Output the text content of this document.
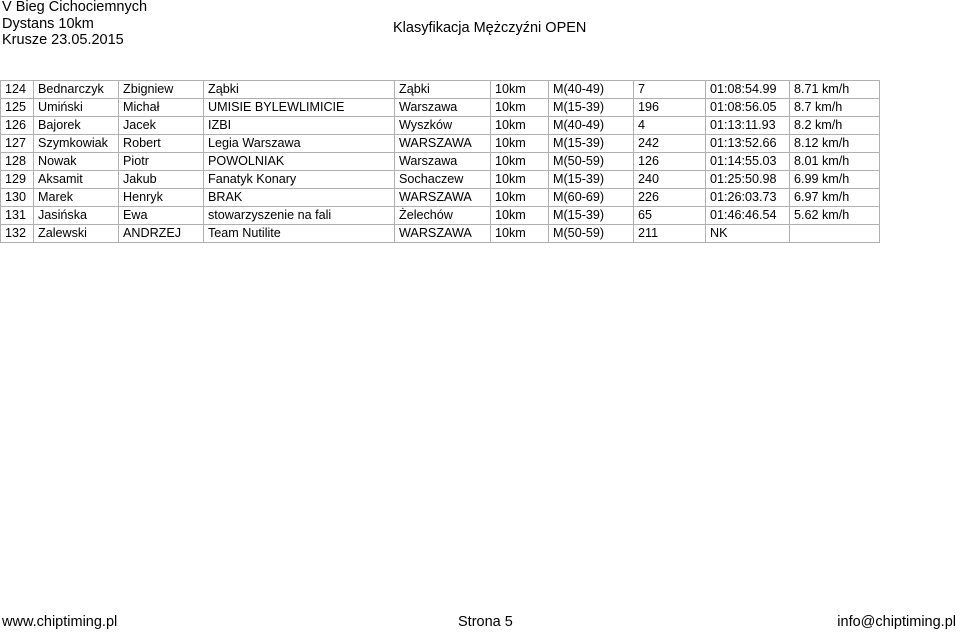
V Bieg Cichociemnych
Dystans 10km
Krusze 23.05.2015
Klasyfikacja Mężczyźni OPEN
124	Bednarczyk	Zbigniew	Ząbki	Ząbki	10km	M(40-49)	7	01:08:54.99	8.71 km/h
125	Umiński	Michał	UMISIE BYLEWLIMICIE	Warszawa	10km	M(15-39)	196	01:08:56.05	8.7 km/h
126	Bajorek	Jacek	IZBI	Wyszków	10km	M(40-49)	4	01:13:11.93	8.2 km/h
127	Szymkowiak	Robert	Legia Warszawa	WARSZAWA	10km	M(15-39)	242	01:13:52.66	8.12 km/h
128	Nowak	Piotr	POWOLNIAK	Warszawa	10km	M(50-59)	126	01:14:55.03	8.01 km/h
129	Aksamit	Jakub	Fanatyk Konary	Sochaczew	10km	M(15-39)	240	01:25:50.98	6.99 km/h
130	Marek	Henryk	BRAK	WARSZAWA	10km	M(60-69)	226	01:26:03.73	6.97 km/h
131	Jasińska	Ewa	stowarzyszenie na fali	Żelechów	10km	M(15-39)	65	01:46:46.54	5.62 km/h
132	Zalewski	ANDRZEJ	Team Nutilite	WARSZAWA	10km	M(50-59)	211	NK	
www.chiptiming.pl	Strona 5	info@chiptiming.pl
